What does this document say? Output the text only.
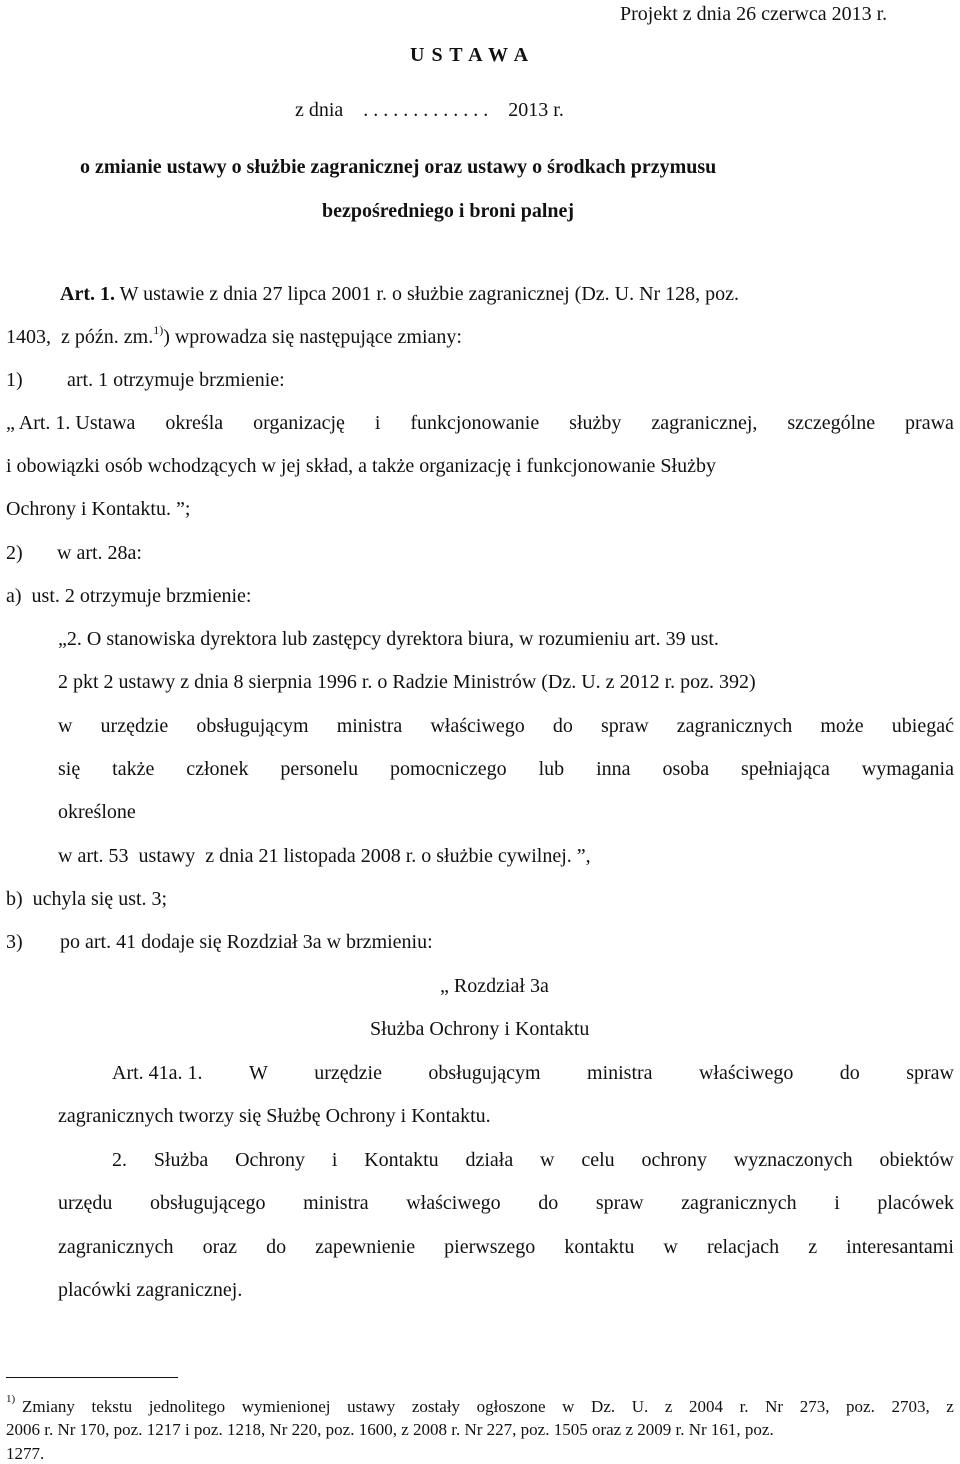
Projekt z dnia 26 czerwca 2013 r.
U S T A W A
z dnia    . . . . . . . . . . . . .    2013 r.
o zmianie ustawy o służbie zagranicznej oraz ustawy o środkach przymusu
bezpośredniego i broni palnej
Art. 1. W ustawie z dnia 27 lipca 2001 r. o służbie zagranicznej (Dz. U. Nr 128, poz.
1403,  z późn. zm.$^{1)}$) wprowadza się następujące zmiany:
1) art. 1 otrzymuje brzmienie:
„ Art. 1. Ustawa określa organizację i funkcjonowanie służby zagranicznej, szczególne prawa
i obowiązki osób wchodzących w jej skład, a także organizację i funkcjonowanie Służby
Ochrony i Kontaktu. ”;
2) w art. 28a:
a)  ust. 2 otrzymuje brzmienie:
„2. O stanowiska dyrektora lub zastępcy dyrektora biura, w rozumieniu art. 39 ust.
2 pkt 2 ustawy z dnia 8 sierpnia 1996 r. o Radzie Ministrów (Dz. U. z 2012 r. poz. 392)
w urzędzie obsługującym ministra właściwego do spraw zagranicznych może ubiegać
się także członek personelu pomocniczego lub inna osoba spełniająca wymagania
określone
w art. 53  ustawy  z dnia 21 listopada 2008 r. o służbie cywilnej. ”,
b)  uchyla się ust. 3;
3) po art. 41 dodaje się Rozdział 3a w brzmieniu:
„ Rozdział 3a
Służba Ochrony i Kontaktu
Art. 41a. 1. W urzędzie obsługującym ministra właściwego do spraw
zagranicznych tworzy się Służbę Ochrony i Kontaktu.
2. Służba Ochrony i Kontaktu działa w celu ochrony wyznaczonych obiektów
urzędu obsługującego ministra właściwego do spraw zagranicznych i placówek
zagranicznych oraz do zapewnienie pierwszego kontaktu w relacjach z interesantami
placówki zagranicznej.
1) Zmiany tekstu jednolitego wymienionej ustawy zostały ogłoszone w Dz. U. z 2004 r. Nr 273, poz. 2703, z
2006 r. Nr 170, poz. 1217 i poz. 1218, Nr 220, poz. 1600, z 2008 r. Nr 227, poz. 1505 oraz z 2009 r. Nr 161, poz.
1277.
